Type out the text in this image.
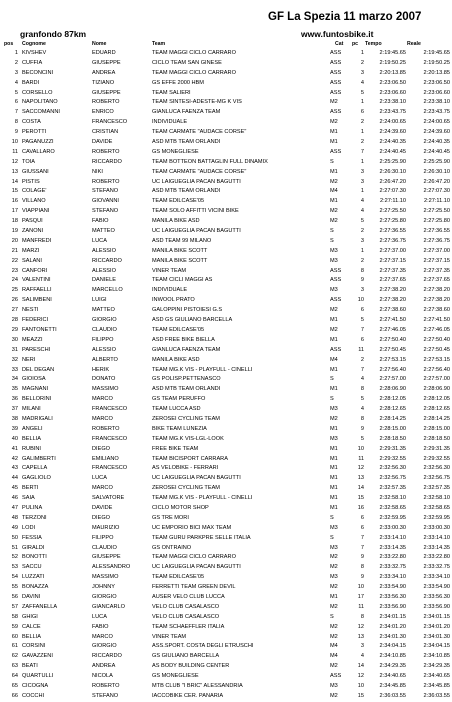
GF La Spezia 11 marzo 2007
granfondo 87km	www.funtosbike.it
pos Cognome	Nome	Team	Cat pc Tempo	Reale
1 KIVSHEV	EDUARD	TEAM MAGGI CICLO CARRARO	ASS	1	2:19:45.65	2:19:45.65
2 CUFFIA	GIUSEPPE	CICLO TEAM SAN GINESE	ASS	2	2:19:50.25	2:19:50.25
3 BECONCINI	ANDREA	TEAM MAGGI CICLO CARRARO	ASS	3	2:20:13.85	2:20:13.85
4 BARDI	TIZIANO	GS EFFE 2000 HBM	ASS	4	2:23:06.50	2:23:06.50
5 CORSELLO	GIUSEPPE	TEAM SALIERI	ASS	5	2:23:06.60	2:23:06.60
6 NAPOLITANO	ROBERTO	TEAM SINTESI-ADESTE-MG K VIS	M2	1	2:23:38.10	2:23:38.10
7 SACCOMANNI	ENRICO	GIANLUCA FAENZA TEAM	ASS	6	2:23:43.75	2:23:43.75
8 COSTA	FRANCESCO	INDIVIDUALE	M2	2	2:24:00.65	2:24:00.65
9 PEROTTI	CRISTIAN	TEAM CARMATE "AUDACE CORSE"	M1	1	2:24:39.60	2:24:39.60
10 PAGANUZZI	DAVIDE	ASD MTB TEAM ORLANDI	M1	2	2:24:40.35	2:24:40.35
11 CAVALLARO	ROBERTO	GS MONEGLIESE	ASS	7	2:24:40.45	2:24:40.45
12 TOIA	RICCARDO	TEAM BOTTEON BATTAGLIN FULL DINAMIX	S	1	2:25:25.90	2:25:25.90
13 GIUSSANI	NIKI	TEAM CARMATE "AUDACE CORSE"	M1	3	2:26:30.10	2:26:30.10
14 PISTIS	ROBERTO	UC LAIGUEGLIA PACAN BAGUTTI	M2	3	2:26:47.20	2:26:47.20
15 COLAGE'	STEFANO	ASD MTB TEAM ORLANDI	M4	1	2:27:07.30	2:27:07.30
16 VILLANO	GIOVANNI	TEAM EDILCASE'05	M1	4	2:27:11.10	2:27:11.10
17 VIAPPIANI	STEFANO	TEAM SOLO AFFITTI VICINI BIKE	M2	4	2:27:25.50	2:27:25.50
18 PASQUI	FABIO	MANILA BIKE ASD	M2	5	2:27:25.80	2:27:25.80
19 ZANONI	MATTEO	UC LAIGUEGLIA PACAN BAGUTTI	S	2	2:27:36.55	2:27:36.55
20 MANFREDI	LUCA	ASD TEAM 99 MILANO	S	3	2:27:36.75	2:27:36.75
21 MARZI	ALESSIO	MANILA BIKE SCOTT	M3	1	2:27:37.00	2:27:37.00
22 SALANI	RICCARDO	MANILA BIKE SCOTT	M3	2	2:27:37.15	2:27:37.15
23 CANFORI	ALESSIO	VINER TEAM	ASS	8	2:27:37.35	2:27:37.35
24 VALENTINI	DANIELE	TEAM CICLI MAGGI AS	ASS	9	2:27:37.65	2:27:37.65
25 RAFFAELLI	MARCELLO	INDIVIDUALE	M3	3	2:27:38.20	2:27:38.20
26 SALIMBENI	LUIGI	INWOOL PRATO	ASS	10	2:27:38.20	2:27:38.20
27 NESTI	MATTEO	GALOPPINI PISTOIESI G.S	M2	6	2:27:38.60	2:27:38.60
28 FEDERICI	GIORGIO	ASD GS GIULIANO BARCELLA	M1	5	2:27:41.50	2:27:41.50
29 FANTONETTI	CLAUDIO	TEAM EDILCASE'05	M2	7	2:27:46.05	2:27:46.05
30 MEAZZI	FILIPPO	ASD FREE BIKE BIELLA	M1	6	2:27:50.40	2:27:50.40
31 PARESCHI	ALESSIO	GIANLUCA FAENZA TEAM	ASS	11	2:27:50.45	2:27:50.45
32 NERI	ALBERTO	MANILA BIKE ASD	M4	2	2:27:53.15	2:27:53.15
33 DEL DEGAN	HERIK	TEAM MG.K VIS - PLAYFULL - CINELLI	M1	7	2:27:56.40	2:27:56.40
34 GIOIOSA	DONATO	GS POLISP.PETTENASCO	S	4	2:27:57.00	2:27:57.00
35 MAGNANI	MASSIMO	ASD MTB TEAM ORLANDI	M1	8	2:28:06.90	2:28:06.90
36 BELLORINI	MARCO	GS TEAM PERUFFO	S	5	2:28:12.05	2:28:12.05
37 MILANI	FRANCESCO	TEAM LUCCA ASD	M3	4	2:28:12.65	2:28:12.65
38 MADRIGALI	MARCO	ZEROSEI CYCLING TEAM	M2	8	2:28:14.25	2:28:14.25
39 ANGELI	ROBERTO	BIKE TEAM LUNEZIA	M1	9	2:28:15.00	2:28:15.00
40 BELLIA	FRANCESCO	TEAM MG.K VIS-LGL-LOOK	M3	5	2:28:18.50	2:28:18.50
41 RUBINI	DIEGO	FREE BIKE TEAM	M1	10	2:29:31.35	2:29:31.35
42 GALIMBERTI	EMILIANO	TEAM BICISPORT CARRARA	M1	11	2:29:32.55	2:29:32.55
43 CAPELLA	FRANCESCO	AS VELOBIKE - FERRARI	M1	12	2:32:56.30	2:32:56.30
44 GAGLIOLO	LUCA	UC LAIGUEGLIA PACAN BAGUTTI	M1	13	2:32:56.75	2:32:56.75
45 BERTI	MARCO	ZEROSEI CYCLING TEAM	M1	14	2:32:57.35	2:32:57.35
46 SAIA	SALVATORE	TEAM MG.K VIS - PLAYFULL - CINELLI	M1	15	2:32:58.10	2:32:58.10
47 PULINA	DAVIDE	CICLO MOTOR SHOP	M1	16	2:32:58.65	2:32:58.65
48 TERZONI	DIEGO	GS TRE MORI	S	6	2:32:59.95	2:32:59.95
49 LODI	MAURIZIO	UC EMPORIO BICI MAX TEAM	M3	6	2:33:00.30	2:33:00.30
50 FESSIA	FILIPPO	TEAM GURU PARKPRE SELLE ITALIA	S	7	2:33:14.10	2:33:14.10
51 GIRALDI	CLAUDIO	GS ONTRAINO	M3	7	2:33:14.35	2:33:14.35
52 BONOTTI	GIUSEPPE	TEAM MAGGI CICLO CARRARO	M2	9	2:33:22.80	2:33:22.80
53 SACCU	ALESSANDRO	UC LAIGUEGLIA PACAN BAGUTTI	M2	8	2:33:32.75	2:33:32.75
54 LUZZATI	MASSIMO	TEAM EDILCASE'05	M3	9	2:33:34.10	2:33:34.10
55 BONAZZA	JOHNNY	FERRETTI TEAM GREEN DEVIL	M2	10	2:33:54.90	2:33:54.90
56 DAVINI	GIORGIO	AUSER VELO CLUB LUCCA	M1	17	2:33:56.30	2:33:56.30
57 ZAFFANELLA	GIANCARLO	VELO CLUB CASALASCO	M2	11	2:33:56.90	2:33:56.90
58 GHIGI	LUCA	VELO CLUB CASALASCO	S	8	2:34:01.15	2:34:01.15
59 CALCE	FABIO	TEAM SCHAEFFLER ITALIA	M2	12	2:34:01.20	2:34:01.20
60 BELLIA	MARCO	VINER TEAM	M2	13	2:34:01.30	2:34:01.30
61 CORSINI	GIORGIO	ASS.SPORT. COSTA DEGLI ETRUSCHI	M4	3	2:34:04.15	2:34:04.15
62 GAVAZZENI	RICCARDO	GS GIULIANO BARCELLA	M4	4	2:34:10.85	2:34:10.85
63 BEATI	ANDREA	AS BODY BUILDING CENTER	M2	14	2:34:29.35	2:34:29.35
64 QUARTULLI	NICOLA	GS MONEGLIESE	ASS	12	2:34:40.65	2:34:40.65
65 CICOGNA	ROBERTO	MTB CLUB "I BRIC" ALESSANDRIA	M3	10	2:34:45.85	2:34:45.85
66 COCCHI	STEFANO	IACCOBIKE CER. PANARIA	M2	15	2:36:03.55	2:36:03.55
